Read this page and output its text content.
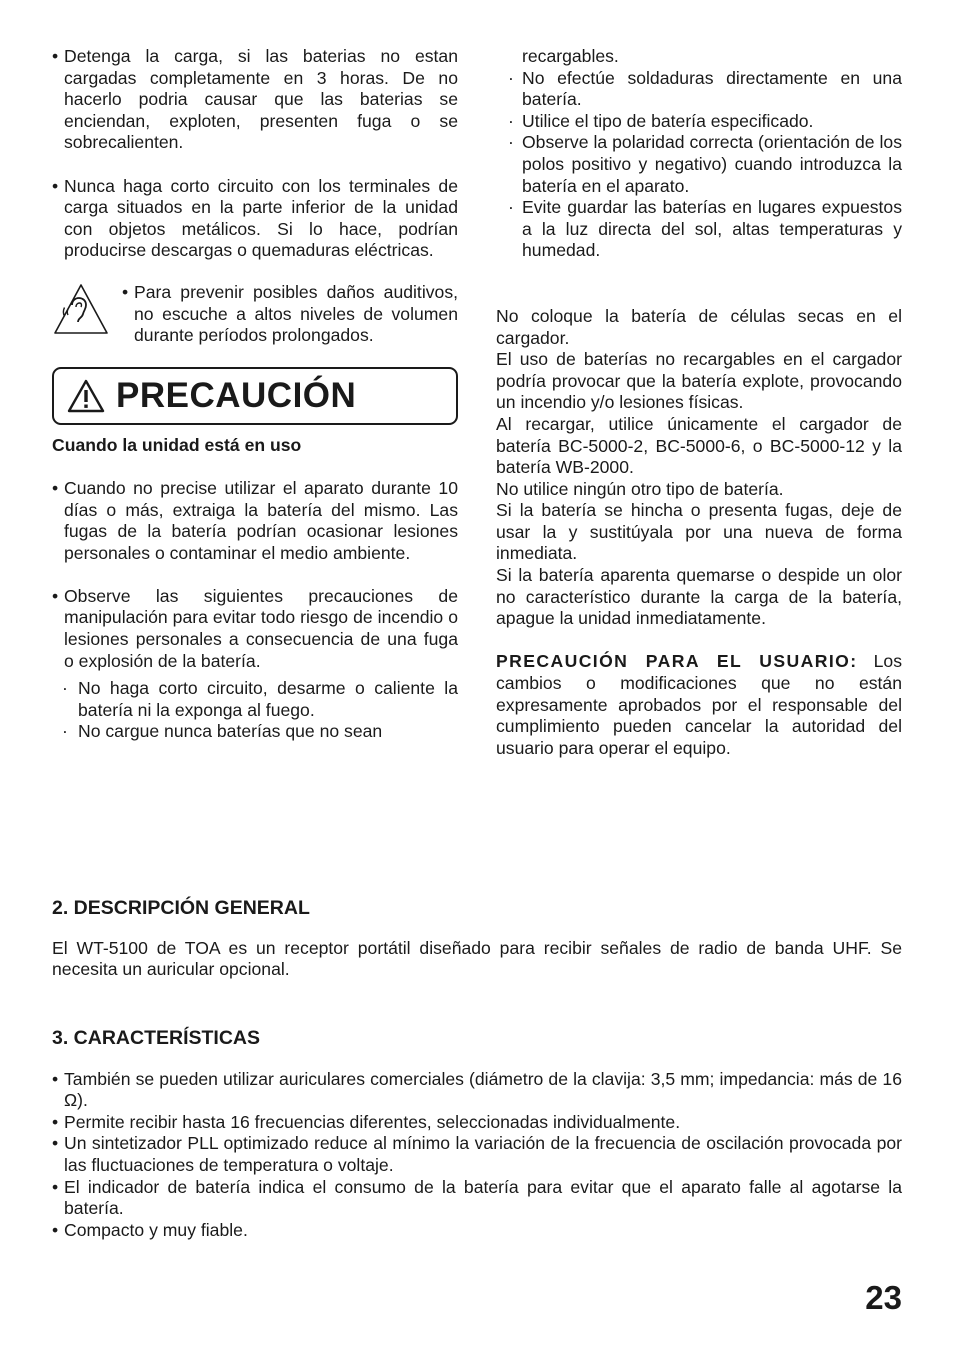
• Detenga la carga, si las baterias no estan cargadas completamente en 3 horas. De no hacerlo podria causar que las baterias se enciendan, exploten, presenten fuga o se sobrecalienten.
• Nunca haga corto circuito con los terminales de carga situados en la parte inferior de la unidad con objetos metálicos. Si lo hace, podrían producirse descargas o quemaduras eléctricas.
• Para prevenir posibles daños auditivos, no escuche a altos niveles de volumen durante períodos prolongados.
PRECAUCIÓN
Cuando la unidad está en uso
• Cuando no precise utilizar el aparato durante 10 días o más, extraiga la batería del mismo. Las fugas de la batería podrían ocasionar lesiones personales o contaminar el medio ambiente.
• Observe las siguientes precauciones de manipulación para evitar todo riesgo de incendio o lesiones personales a consecuencia de una fuga o explosión de la batería.
· No haga corto circuito, desarme o caliente la batería ni la exponga al fuego.
· No cargue nunca baterías que no sean
recargables.
· No efectúe soldaduras directamente en una batería.
· Utilice el tipo de batería especificado.
· Observe la polaridad correcta (orientación de los polos positivo y negativo) cuando introduzca la batería en el aparato.
· Evite guardar las baterías en lugares expuestos a la luz directa del sol, altas temperaturas y humedad.

No coloque la batería de células secas en el cargador.

El uso de baterías no recargables en el cargador podría provocar que la batería explote, provocando un incendio y/o lesiones físicas.

Al recargar, utilice únicamente el cargador de batería BC-5000-2, BC-5000-6, o BC-5000-12 y la batería WB-2000.

No utilice ningún otro tipo de batería.

Si la batería se hincha o presenta fugas, deje de usar la y sustitúyala por una nueva de forma inmediata.

Si la batería aparenta quemarse o despide un olor no característico durante la carga de la batería, apague la unidad inmediatamente.

PRECAUCIÓN PARA EL USUARIO: Los cambios o modificaciones que no están expresamente aprobados por el responsable del cumplimiento pueden cancelar la autoridad del usuario para operar el equipo.

2. DESCRIPCIÓN GENERAL

El WT-5100 de TOA es un receptor portátil diseñado para recibir señales de radio de banda UHF. Se necesita un auricular opcional.

3. CARACTERÍSTICAS
• También se pueden utilizar auriculares comerciales (diámetro de la clavija: 3,5 mm; impedancia: más de 16 Ω).
• Permite recibir hasta 16 frecuencias diferentes, seleccionadas individualmente.
• Un sintetizador PLL optimizado reduce al mínimo la variación de la frecuencia de oscilación provocada por las fluctuaciones de temperatura o voltaje.
• El indicador de batería indica el consumo de la batería para evitar que el aparato falle al agotarse la batería.
• Compacto y muy fiable.
23
